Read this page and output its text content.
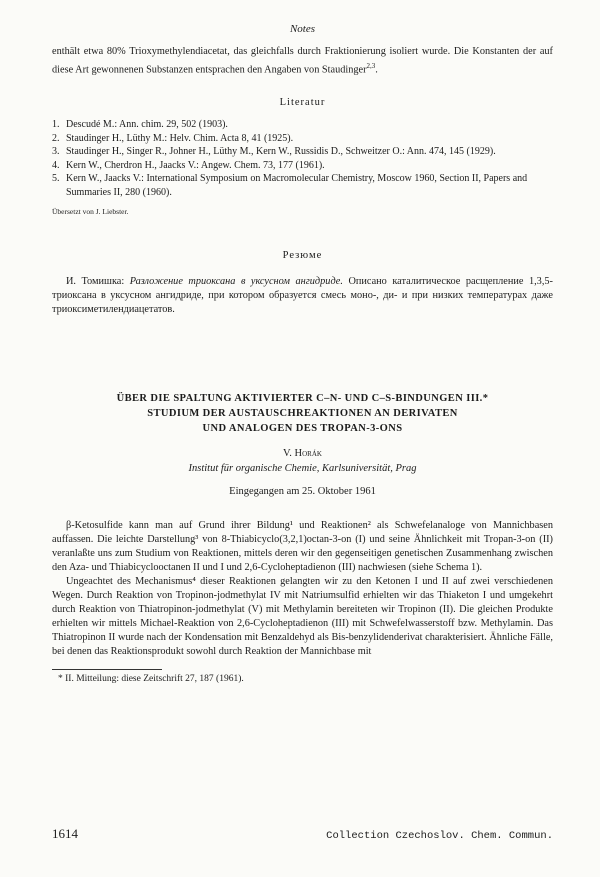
Notes

enthält etwa 80% Trioxymethylendiacetat, das gleichfalls durch Fraktionierung isoliert wurde. Die Konstanten der auf diese Art gewonnenen Substanzen entsprachen den Angaben von Staudinger$^{2,3}$.

Literatur
1. Descudé M.: Ann. chim. 29, 502 (1903).
2. Staudinger H., Lüthy M.: Helv. Chim. Acta 8, 41 (1925).
3. Staudinger H., Singer R., Johner H., Lüthy M., Kern W., Russidis D., Schweitzer O.: Ann. 474, 145 (1929).
4. Kern W., Cherdron H., Jaacks V.: Angew. Chem. 73, 177 (1961).
5. Kern W., Jaacks V.: International Symposium on Macromolecular Chemistry, Moscow 1960, Section II, Papers and Summaries II, 280 (1960).
Übersetzt von J. Liebster.
Резюме

И. Томишка: Разложение триоксана в уксусном ангидриде. Описано каталитическое расщепление 1,3,5-триоксана в уксусном ангидриде, при котором образуется смесь моно-, ди- и при низких температурах даже триоксиметилендиацетатов.

ÜBER DIE SPALTUNG AKTIVIERTER C–N- UND C–S-BINDUNGEN III.*
STUDIUM DER AUSTAUSCHREAKTIONEN AN DERIVATEN
UND ANALOGEN DES TROPAN-3-ONS
V. Horák
Institut für organische Chemie, Karlsuniversität, Prag
Eingegangen am 25. Oktober 1961

β-Ketosulfide kann man auf Grund ihrer Bildung¹ und Reaktionen² als Schwefelanaloge von Mannichbasen auffassen. Die leichte Darstellung³ von 8-Thiabicyclo(3,2,1)octan-3-on (I) und seine Ähnlichkeit mit Tropan-3-on (II) veranlaßte uns zum Studium von Reaktionen, mittels deren wir den gegenseitigen genetischen Zusammenhang zwischen den Aza- und Thiabicyclooctanen II und I und 2,6-Cycloheptadienon (III) nachwiesen (siehe Schema 1).

Ungeachtet des Mechanismus⁴ dieser Reaktionen gelangten wir zu den Ketonen I und II auf zwei verschiedenen Wegen. Durch Reaktion von Tropinon-jodmethylat IV mit Natriumsulfid erhielten wir das Thiaketon I und umgekehrt durch Reaktion von Thiatropinon-jodmethylat (V) mit Methylamin bereiteten wir Tropinon (II). Die gleichen Produkte erhielten wir mittels Michael-Reaktion von 2,6-Cycloheptadienon (III) mit Schwefelwasserstoff bzw. Methylamin. Das Thiatropinon II wurde nach der Kondensation mit Benzaldehyd als Bis-benzylidenderivat charakterisiert. Ähnliche Fälle, bei denen das Reaktionsprodukt sowohl durch Reaktion der Mannichbase mit

* II. Mitteilung: diese Zeitschrift 27, 187 (1961).
1614	Collection Czechoslov. Chem. Commun.
